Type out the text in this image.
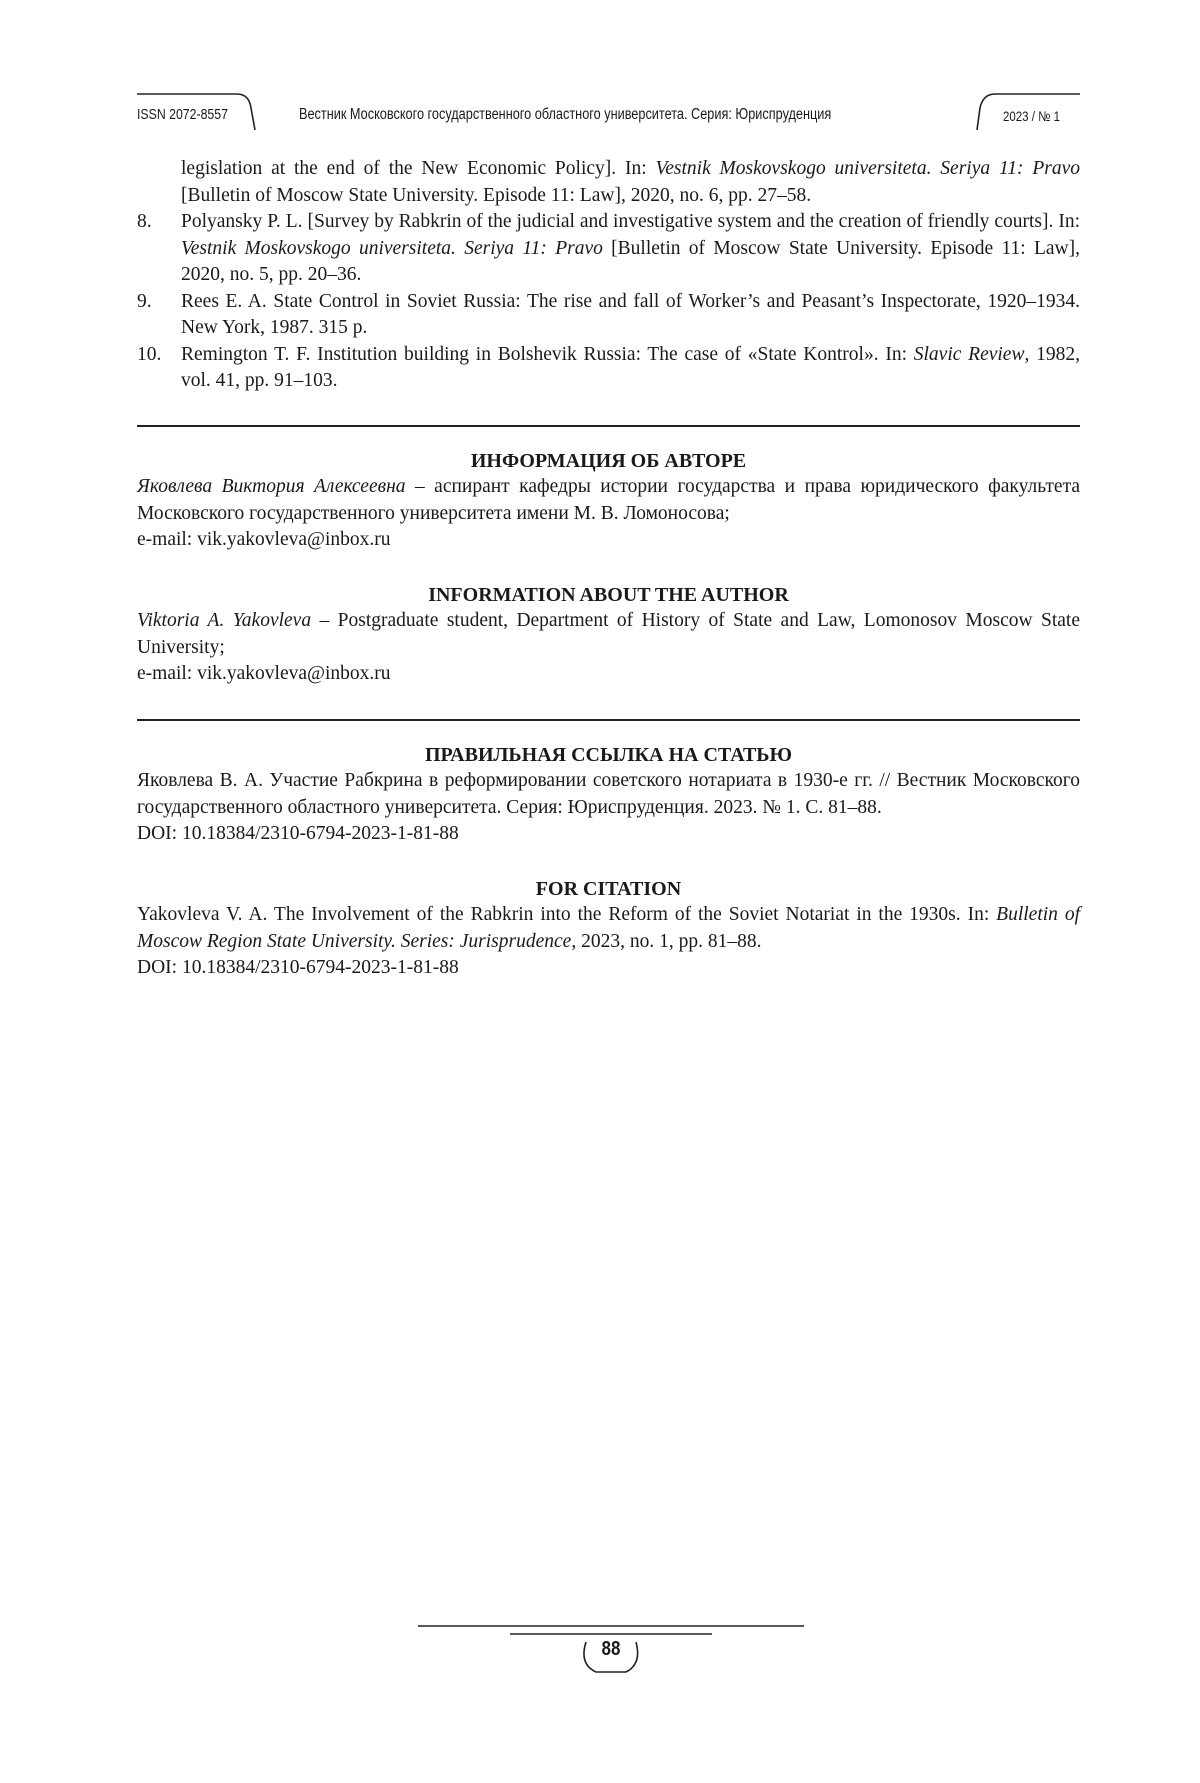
ISSN 2072-8557	Вестник Московского государственного областного университета. Серия: Юриспруденция	2023 / № 1
legislation at the end of the New Economic Policy]. In: Vestnik Moskovskogo universiteta. Seriya 11: Pravo [Bulletin of Moscow State University. Episode 11: Law], 2020, no. 6, pp. 27–58.
8. Polyansky P. L. [Survey by Rabkrin of the judicial and investigative system and the creation of friendly courts]. In: Vestnik Moskovskogo universiteta. Seriya 11: Pravo [Bulletin of Moscow State University. Episode 11: Law], 2020, no. 5, pp. 20–36.
9. Rees E. A. State Control in Soviet Russia: The rise and fall of Worker’s and Peasant’s Inspectorate, 1920–1934. New York, 1987. 315 p.
10. Remington T. F. Institution building in Bolshevik Russia: The case of «State Kontrol». In: Slavic Review, 1982, vol. 41, pp. 91–103.

ИНФОРМАЦИЯ ОБ АВТОРЕ

Яковлева Виктория Алексеевна – аспирант кафедры истории государства и права юридического факультета Московского государственного университета имени М. В. Ломоносова;

e-mail: vik.yakovleva@inbox.ru

INFORMATION ABOUT THE AUTHOR

Viktoria A. Yakovleva – Postgraduate student, Department of History of State and Law, Lomonosov Moscow State University;

e-mail: vik.yakovleva@inbox.ru

ПРАВИЛЬНАЯ ССЫЛКА НА СТАТЬЮ

Яковлева В. А. Участие Рабкрина в реформировании советского нотариата в 1930-е гг. // Вестник Московского государственного областного университета. Серия: Юриспруденция. 2023. № 1. С. 81–88.

DOI: 10.18384/2310-6794-2023-1-81-88

FOR CITATION

Yakovleva V. A. The Involvement of the Rabkrin into the Reform of the Soviet Notariat in the 1930s. In: Bulletin of Moscow Region State University. Series: Jurisprudence, 2023, no. 1, pp. 81–88.

DOI: 10.18384/2310-6794-2023-1-81-88

88
